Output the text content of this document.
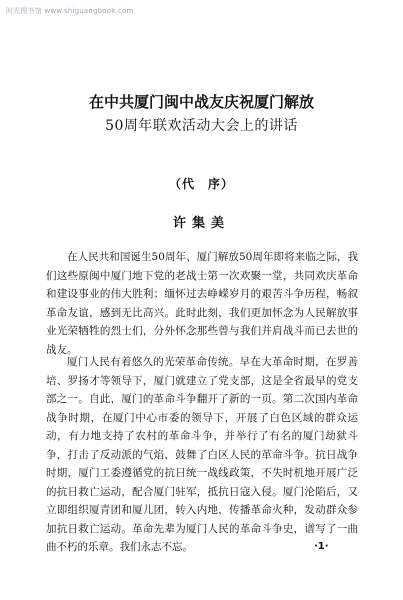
时光图书馆 www.shiguangbook.com
在中共厦门闽中战友庆祝厦门解放
50周年联欢活动大会上的讲话
（代　序）
许集美

在人民共和国诞生50周年、厦门解放50周年即将来临之际，我们这些原闽中厦门地下党的老战士第一次欢聚一堂，共同欢庆革命和建设事业的伟大胜利；缅怀过去峥嵘岁月的艰苦斗争历程，畅叙革命友谊，感到无比高兴。此时此刻，我们更加怀念为人民解放事业光荣牺牲的烈士们，分外怀念那些曾与我们并肩战斗而已去世的战友。

厦门人民有着悠久的光荣革命传统。早在大革命时期，在罗善培、罗扬才等领导下，厦门就建立了党支部，这是全省最早的党支部之一。自此，厦门的革命斗争翻开了新的一页。第二次国内革命战争时期，在厦门中心市委的领导下，开展了白色区域的群众运动，有力地支持了农村的革命斗争，并举行了有名的厦门劫狱斗争，打击了反动派的气焰，鼓舞了白区人民的革命斗争。抗日战争时期，厦门工委遵循党的抗日统一战线政策，不失时机地开展广泛的抗日救亡运动，配合厦门驻军，抵抗日寇入侵。厦门沦陷后，又立即组织厦青团和厦儿团，转入内地，传播革命火种，发动群众参加抗日救亡运动。革命先辈为厦门人民的革命斗争史，谱写了一曲曲不朽的乐章。我们永志不忘。	·1·
